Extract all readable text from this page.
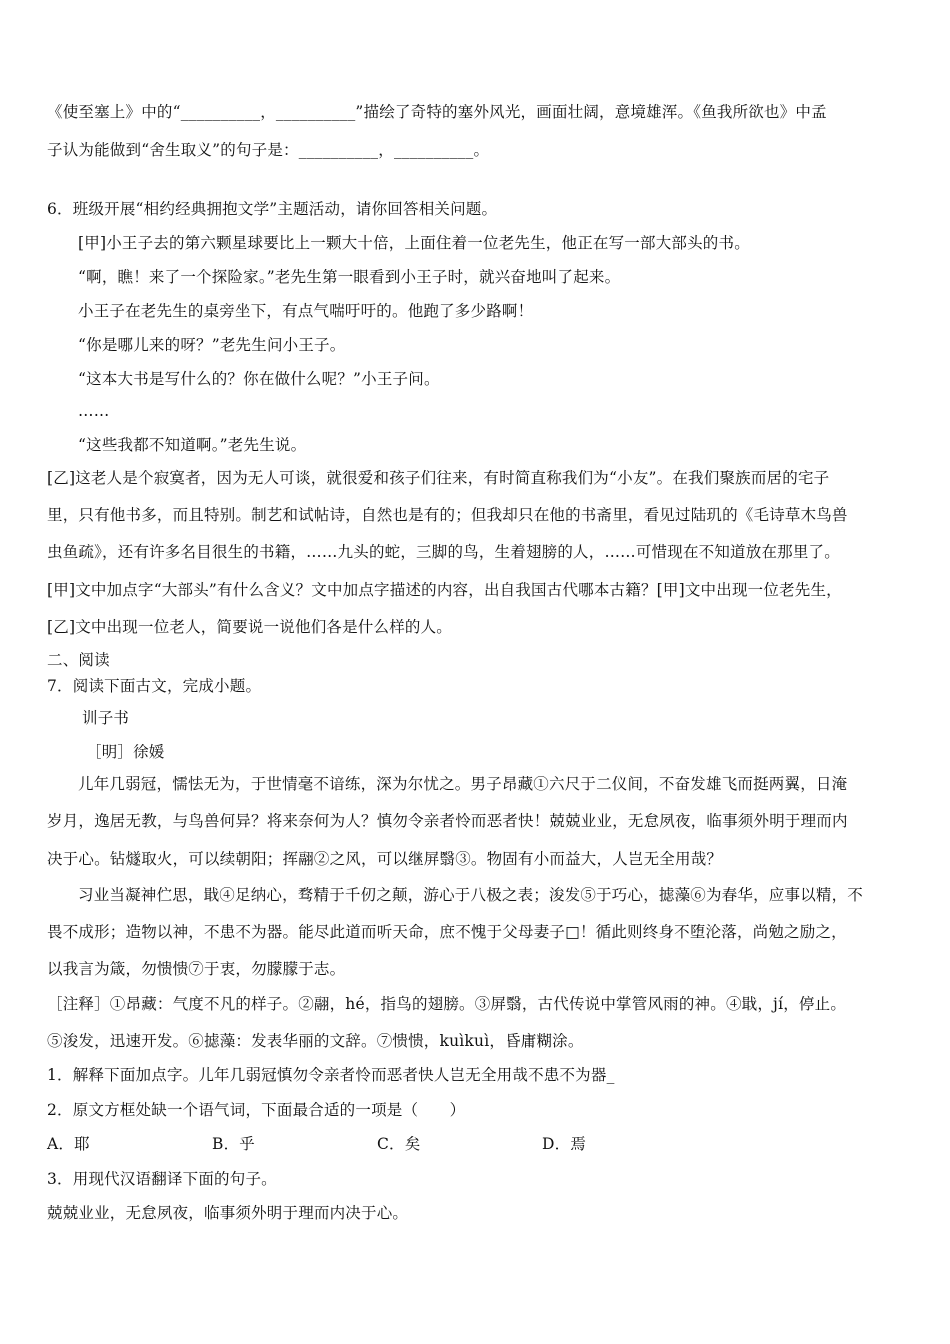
《使至塞上》中的“__________，__________”描绘了奇特的塞外风光，画面壮阔，意境雄浑。《鱼我所欲也》中孟
子认为能做到“舍生取义”的句子是：__________，__________。
6．班级开展“相约经典拥抱文学”主题活动，请你回答相关问题。
[甲]小王子去的第六颗星球要比上一颗大十倍，上面住着一位老先生，他正在写一部大部头的书。
“啊，瞧！来了一个探险家。”老先生第一眼看到小王子时，就兴奋地叫了起来。
小王子在老先生的桌旁坐下，有点气喘吁吁的。他跑了多少路啊！
“你是哪儿来的呀？”老先生问小王子。
“这本大书是写什么的？你在做什么呢？”小王子问。
……
“这些我都不知道啊。”老先生说。
[乙]这老人是个寂寞者，因为无人可谈，就很爱和孩子们往来，有时简直称我们为“小友”。在我们聚族而居的宅子
里，只有他书多，而且特别。制艺和试帖诗，自然也是有的；但我却只在他的书斋里，看见过陆玑的《毛诗草木鸟兽
虫鱼疏》，还有许多名目很生的书籍，……九头的蛇，三脚的鸟，生着翅膀的人，……可惜现在不知道放在那里了。
[甲]文中加点字“大部头”有什么含义？文中加点字描述的内容，出自我国古代哪本古籍？[甲]文中出现一位老先生，
[乙]文中出现一位老人，简要说一说他们各是什么样的人。
二、阅读
7．阅读下面古文，完成小题。
训子书
［明］徐媛
儿年几弱冠，懦怯无为，于世情毫不谙练，深为尔忧之。男子昂藏①六尺于二仪间，不奋发雄飞而挺两翼，日淹
岁月，逸居无教，与鸟兽何异？将来奈何为人？慎勿令亲者怜而恶者快！兢兢业业，无怠夙夜，临事须外明于理而内
决于心。钻燧取火，可以续朝阳；挥翮②之风，可以继屏翳③。物固有小而益大，人岂无全用哉？
习业当凝神伫思，戢④足纳心，骛精于千仞之颠，游心于八极之表；浚发⑤于巧心，摅藻⑥为春华，应事以精，不
畏不成形；造物以神，不患不为器。能尽此道而听天命，庶不愧于父母妻子□！循此则终身不堕沦落，尚勉之励之，
以我言为箴，勿愦愦⑦于衷，勿朦朦于志。
［注释］①昂藏：气度不凡的样子。②翮，hé，指鸟的翅膀。③屏翳，古代传说中掌管风雨的神。④戢，jí，停止。
⑤浚发，迅速开发。⑥摅藻：发表华丽的文辞。⑦愦愦，kuìkuì，昏庸糊涂。
1．解释下面加点字。儿年几弱冠慎勿令亲者怜而恶者快人岂无全用哉不患不为器_
2．原文方框处缺一个语气词，下面最合适的一项是（　　）
A．耶	B．乎	C．矣	D．焉
3．用现代汉语翻译下面的句子。
兢兢业业，无怠夙夜，临事须外明于理而内决于心。
